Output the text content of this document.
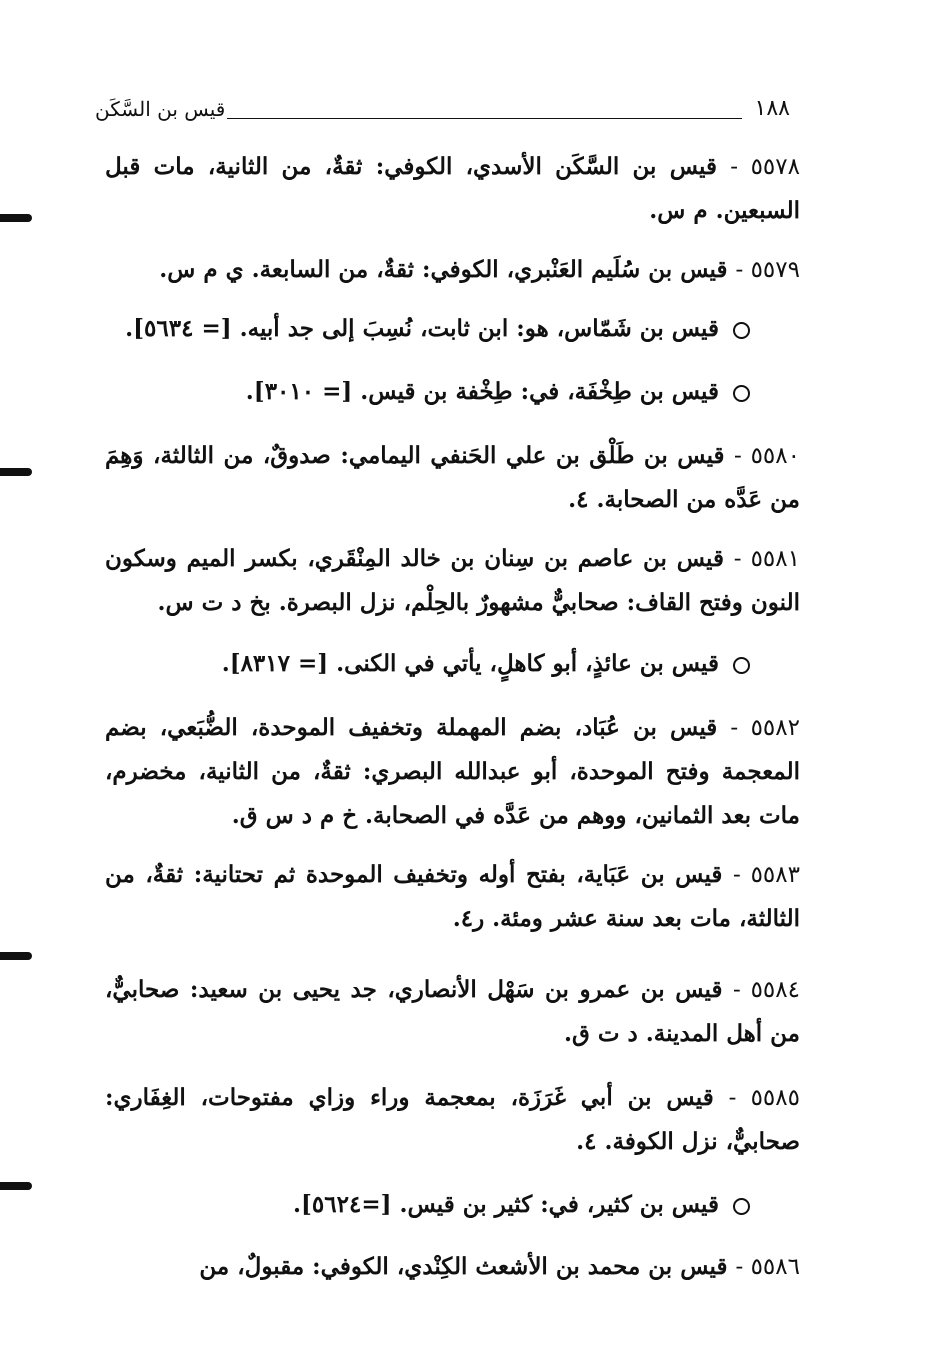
١٨٨
قيس بن السَّكَن
٥٥٧٨ - قيس بن السَّكَن الأسدي، الكوفي: ثقةٌ، من الثانية، مات قبل السبعين. م س.
٥٥٧٩ - قيس بن سُلَيم العَنْبري، الكوفي: ثقةٌ، من السابعة. ي م س.
قيس بن شَمّاس، هو: ابن ثابت، نُسِبَ إلى جد أبيه. [= ٥٦٣٤].
قيس بن طِخْفَة، في: طِخْفة بن قيس. [= ٣٠١٠].
٥٥٨٠ - قيس بن طَلْق بن علي الحَنفي اليمامي: صدوقٌ، من الثالثة، وَهِمَ من عَدَّه من الصحابة. ٤.
٥٥٨١ - قيس بن عاصم بن سِنان بن خالد المِنْقَري، بكسر الميم وسكون النون وفتح القاف: صحابيٌّ مشهورٌ بالحِلْم، نزل البصرة. بخ د ت س.
قيس بن عائذٍ، أبو كاهلٍ، يأتي في الكنى. [= ٨٣١٧].
٥٥٨٢ - قيس بن عُبَاد، بضم المهملة وتخفيف الموحدة، الضُّبَعي، بضم المعجمة وفتح الموحدة، أبو عبدالله البصري: ثقةٌ، من الثانية، مخضرم، مات بعد الثمانين، ووهم من عَدَّه في الصحابة. خ م د س ق.
٥٥٨٣ - قيس بن عَبَاية، بفتح أوله وتخفيف الموحدة ثم تحتانية: ثقةٌ، من الثالثة، مات بعد سنة عشر ومئة. ر٤.
٥٥٨٤ - قيس بن عمرو بن سَهْل الأنصاري، جد يحيى بن سعيد: صحابيٌّ، من أهل المدينة. د ت ق.
٥٥٨٥ - قيس بن أبي غَرَزَة، بمعجمة وراء وزاي مفتوحات، الغِفَاري: صحابيٌّ، نزل الكوفة. ٤.
قيس بن كثير، في: كثير بن قيس. [=٥٦٢٤].
٥٥٨٦ - قيس بن محمد بن الأشعث الكِنْدي، الكوفي: مقبولٌ، من
